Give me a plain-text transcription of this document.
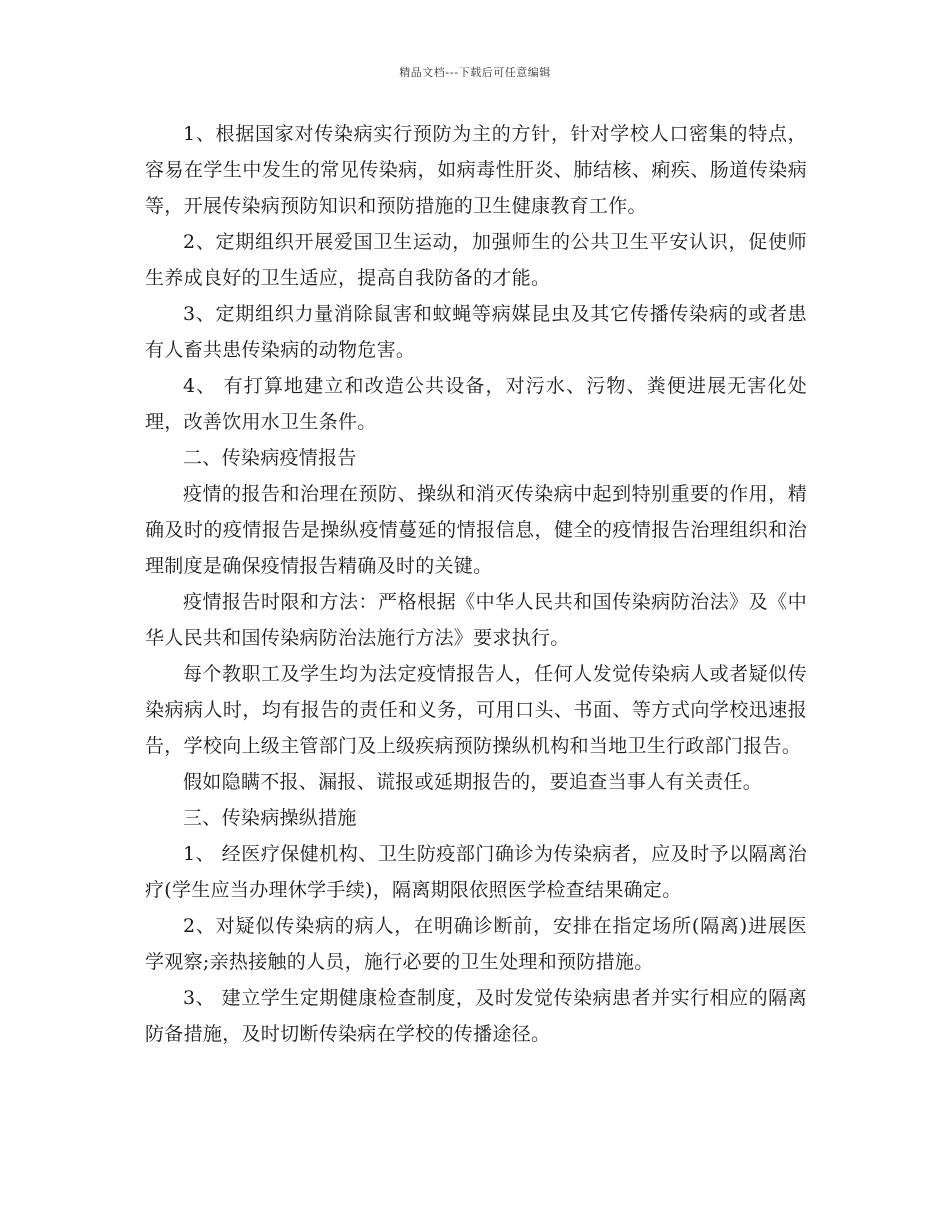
精品文档---下载后可任意编辑

1、根据国家对传染病实行预防为主的方针，针对学校人口密集的特点，容易在学生中发生的常见传染病，如病毒性肝炎、肺结核、痢疾、肠道传染病等，开展传染病预防知识和预防措施的卫生健康教育工作。

2、定期组织开展爱国卫生运动，加强师生的公共卫生平安认识，促使师生养成良好的卫生适应，提高自我防备的才能。

3、定期组织力量消除鼠害和蚊蝇等病媒昆虫及其它传播传染病的或者患有人畜共患传染病的动物危害。

4、 有打算地建立和改造公共设备，对污水、污物、粪便进展无害化处理，改善饮用水卫生条件。

二、传染病疫情报告

疫情的报告和治理在预防、操纵和消灭传染病中起到特别重要的作用，精确及时的疫情报告是操纵疫情蔓延的情报信息，健全的疫情报告治理组织和治理制度是确保疫情报告精确及时的关键。

疫情报告时限和方法：严格根据《中华人民共和国传染病防治法》及《中华人民共和国传染病防治法施行方法》要求执行。

每个教职工及学生均为法定疫情报告人，任何人发觉传染病人或者疑似传染病病人时，均有报告的责任和义务，可用口头、书面、等方式向学校迅速报告，学校向上级主管部门及上级疾病预防操纵机构和当地卫生行政部门报告。

假如隐瞒不报、漏报、谎报或延期报告的，要追查当事人有关责任。

三、传染病操纵措施

1、 经医疗保健机构、卫生防疫部门确诊为传染病者，应及时予以隔离治疗(学生应当办理休学手续)，隔离期限依照医学检查结果确定。

2、对疑似传染病的病人，在明确诊断前，安排在指定场所(隔离)进展医学观察;亲热接触的人员，施行必要的卫生处理和预防措施。

3、 建立学生定期健康检查制度，及时发觉传染病患者并实行相应的隔离防备措施，及时切断传染病在学校的传播途径。
